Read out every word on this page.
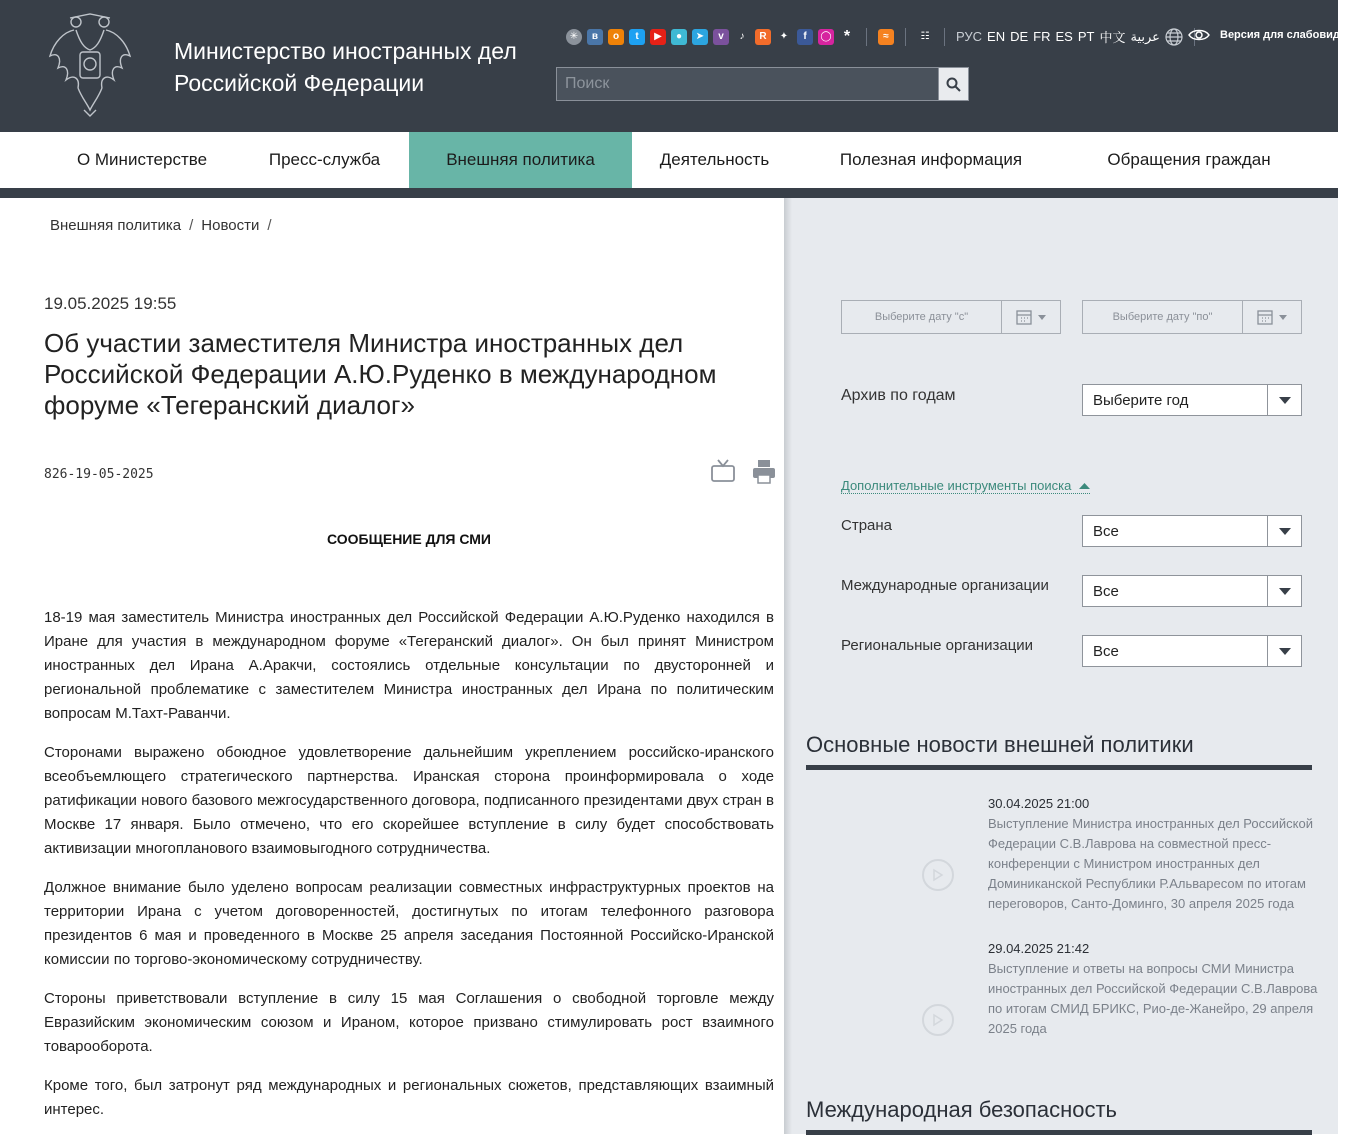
Министерство иностранных дел
Российской Федерации
✳	в	о	t	▶	●	➤	v	♪	R	✦	f	◯ *	≈	☷ РУС EN DE FR ES PT 中文 عربية	Версия для слабовидящих
Поиск
О Министерстве	Пресс-служба	Внешняя политика	Деятельность	Полезная информация	Обращения граждан
Внешняя политика / Новости /
19.05.2025 19:55
Об участии заместителя Министра иностранных дел Российской Федерации А.Ю.Руденко в международном форуме «Тегеранский диалог»
826-19-05-2025
СООБЩЕНИЕ ДЛЯ СМИ

18-19 мая заместитель Министра иностранных дел Российской Федерации А.Ю.Руденко находился в Иране для участия в международном форуме «Тегеранский диалог». Он был принят Министром иностранных дел Ирана А.Аракчи, состоялись отдельные консультации по двусторонней и региональной проблематике с заместителем Министра иностранных дел Ирана по политическим вопросам М.Тахт-Раванчи.

Сторонами выражено обоюдное удовлетворение дальнейшим укреплением российско-иранского всеобъемлющего стратегического партнерства. Иранская сторона проинформировала о ходе ратификации нового базового межгосударственного договора, подписанного президентами двух стран в Москве 17 января. Было отмечено, что его скорейшее вступление в силу будет способствовать активизации многопланового взаимовыгодного сотрудничества.

Должное внимание было уделено вопросам реализации совместных инфраструктурных проектов на территории Ирана с учетом договоренностей, достигнутых по итогам телефонного разговора президентов 6 мая и проведенного в Москве 25 апреля заседания Постоянной Российско-Иранской комиссии по торгово-экономическому сотрудничеству.

Стороны приветствовали вступление в силу 15 мая Соглашения о свободной торговле между Евразийским экономическим союзом и Ираном, которое призвано стимулировать рост взаимного товарооборота.

Кроме того, был затронут ряд международных и региональных сюжетов, представляющих взаимный интерес.

Выберите дату "с"	Выберите дату "по"
Архив по годам	Выберите год
Дополнительные инструменты поиска
Страна	Все
Международные организации	Все
Региональные организации	Все
Основные новости внешней политики
30.04.2025 21:00
Выступление Министра иностранных дел Российской Федерации С.В.Лаврова на совместной пресс-конференции с Министром иностранных дел Доминиканской Республики Р.Альваресом по итогам переговоров, Санто-Доминго, 30 апреля 2025 года
29.04.2025 21:42
Выступление и ответы на вопросы СМИ Министра иностранных дел Российской Федерации С.В.Лаврова по итогам СМИД БРИКС, Рио-де-Жанейро, 29 апреля 2025 года
Международная безопасность
